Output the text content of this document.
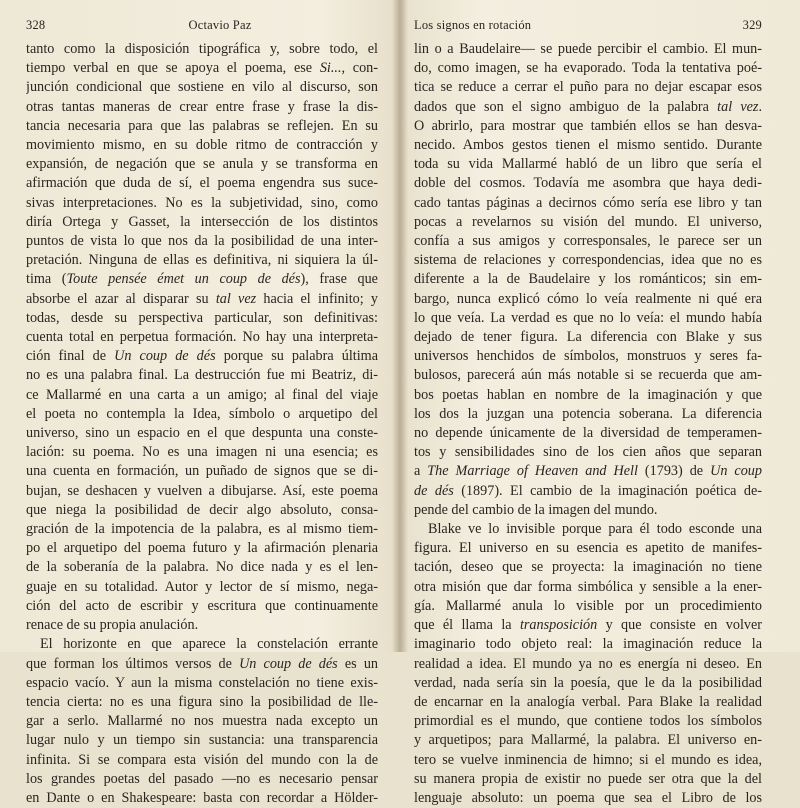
328	Octavio Paz
tanto como la disposición tipográfica y, sobre todo, el
tiempo verbal en que se apoya el poema, ese Si..., con-
junción condicional que sostiene en vilo al discurso, son
otras tantas maneras de crear entre frase y frase la dis-
tancia necesaria para que las palabras se reflejen. En su
movimiento mismo, en su doble ritmo de contracción y
expansión, de negación que se anula y se transforma en
afirmación que duda de sí, el poema engendra sus suce-
sivas interpretaciones. No es la subjetividad, sino, como
diría Ortega y Gasset, la intersección de los distintos
puntos de vista lo que nos da la posibilidad de una inter-
pretación. Ninguna de ellas es definitiva, ni siquiera la úl-
tima (Toute pensée émet un coup de dés), frase que
absorbe el azar al disparar su tal vez hacia el infinito; y
todas, desde su perspectiva particular, son definitivas:
cuenta total en perpetua formación. No hay una interpreta-
ción final de Un coup de dés porque su palabra última
no es una palabra final. La destrucción fue mi Beatriz, di-
ce Mallarmé en una carta a un amigo; al final del viaje
el poeta no contempla la Idea, símbolo o arquetipo del
universo, sino un espacio en el que despunta una conste-
lación: su poema. No es una imagen ni una esencia; es
una cuenta en formación, un puñado de signos que se di-
bujan, se deshacen y vuelven a dibujarse. Así, este poema
que niega la posibilidad de decir algo absoluto, consa-
gración de la impotencia de la palabra, es al mismo tiem-
po el arquetipo del poema futuro y la afirmación plenaria
de la soberanía de la palabra. No dice nada y es el len-
guaje en su totalidad. Autor y lector de sí mismo, nega-
ción del acto de escribir y escritura que continuamente
renace de su propia anulación.
El horizonte en que aparece la constelación errante
que forman los últimos versos de Un coup de dés es un
espacio vacío. Y aun la misma constelación no tiene exis-
tencia cierta: no es una figura sino la posibilidad de lle-
gar a serlo. Mallarmé no nos muestra nada excepto un
lugar nulo y un tiempo sin sustancia: una transparencia
infinita. Si se compara esta visión del mundo con la de
los grandes poetas del pasado —no es necesario pensar
en Dante o en Shakespeare: basta con recordar a Hölder-
Los signos en rotación	329
lin o a Baudelaire— se puede percibir el cambio. El mun-
do, como imagen, se ha evaporado. Toda la tentativa poé-
tica se reduce a cerrar el puño para no dejar escapar esos
dados que son el signo ambiguo de la palabra tal vez.
O abrirlo, para mostrar que también ellos se han desva-
necido. Ambos gestos tienen el mismo sentido. Durante
toda su vida Mallarmé habló de un libro que sería el
doble del cosmos. Todavía me asombra que haya dedi-
cado tantas páginas a decirnos cómo sería ese libro y tan
pocas a revelarnos su visión del mundo. El universo,
confía a sus amigos y corresponsales, le parece ser un
sistema de relaciones y correspondencias, idea que no es
diferente a la de Baudelaire y los románticos; sin em-
bargo, nunca explicó cómo lo veía realmente ni qué era
lo que veía. La verdad es que no lo veía: el mundo había
dejado de tener figura. La diferencia con Blake y sus
universos henchidos de símbolos, monstruos y seres fa-
bulosos, parecerá aún más notable si se recuerda que am-
bos poetas hablan en nombre de la imaginación y que
los dos la juzgan una potencia soberana. La diferencia
no depende únicamente de la diversidad de temperamen-
tos y sensibilidades sino de los cien años que separan
a The Marriage of Heaven and Hell (1793) de Un coup
de dés (1897). El cambio de la imaginación poética de-
pende del cambio de la imagen del mundo.
Blake ve lo invisible porque para él todo esconde una
figura. El universo en su esencia es apetito de manifes-
tación, deseo que se proyecta: la imaginación no tiene
otra misión que dar forma simbólica y sensible a la ener-
gía. Mallarmé anula lo visible por un procedimiento
que él llama la transposición y que consiste en volver
imaginario todo objeto real: la imaginación reduce la
realidad a idea. El mundo ya no es energía ni deseo. En
verdad, nada sería sin la poesía, que le da la posibilidad
de encarnar en la analogía verbal. Para Blake la realidad
primordial es el mundo, que contiene todos los símbolos
y arquetipos; para Mallarmé, la palabra. El universo en-
tero se vuelve inminencia de himno; si el mundo es idea,
su manera propia de existir no puede ser otra que la del
lenguaje absoluto: un poema que sea el Libro de los
